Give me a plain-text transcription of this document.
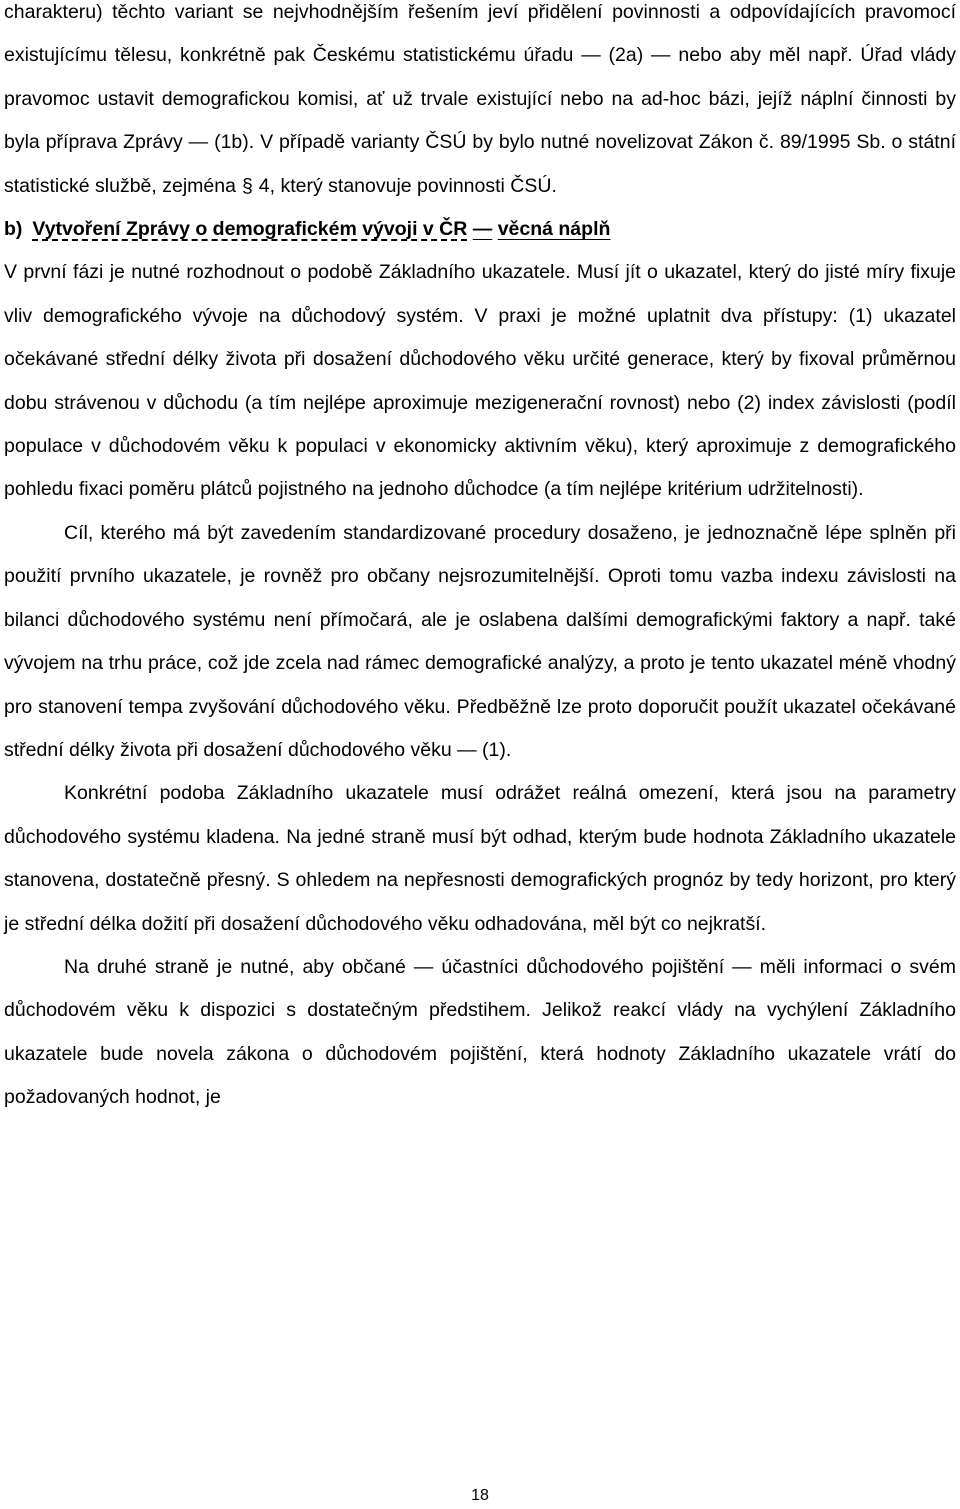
charakteru) těchto variant se nejvhodnějším řešením jeví přidělení povinnosti a odpovídajících pravomocí existujícímu tělesu, konkrétně pak Českému statistickému úřadu — (2a) — nebo aby měl např. Úřad vlády pravomoc ustavit demografickou komisi, ať už trvale existující nebo na ad-hoc bázi, jejíž náplní činnosti by byla příprava Zprávy — (1b). V případě varianty ČSÚ by bylo nutné novelizovat Zákon č. 89/1995 Sb. o státní statistické službě, zejména § 4, který stanovuje povinnosti ČSÚ.

b) Vytvoření Zprávy o demografickém vývoji v ČR — věcná náplň

V první fázi je nutné rozhodnout o podobě Základního ukazatele. Musí jít o ukazatel, který do jisté míry fixuje vliv demografického vývoje na důchodový systém. V praxi je možné uplatnit dva přístupy: (1) ukazatel očekávané střední délky života při dosažení důchodového věku určité generace, který by fixoval průměrnou dobu strávenou v důchodu (a tím nejlépe aproximuje mezigenerační rovnost) nebo (2) index závislosti (podíl populace v důchodovém věku k populaci v ekonomicky aktivním věku), který aproximuje z demografického pohledu fixaci poměru plátců pojistného na jednoho důchodce (a tím nejlépe kritérium udržitelnosti).

Cíl, kterého má být zavedením standardizované procedury dosaženo, je jednoznačně lépe splněn při použití prvního ukazatele, je rovněž pro občany nejsrozumitelnější. Oproti tomu vazba indexu závislosti na bilanci důchodového systému není přímočará, ale je oslabena dalšími demografickými faktory a např. také vývojem na trhu práce, což jde zcela nad rámec demografické analýzy, a proto je tento ukazatel méně vhodný pro stanovení tempa zvyšování důchodového věku. Předběžně lze proto doporučit použít ukazatel očekávané střední délky života při dosažení důchodového věku — (1).

Konkrétní podoba Základního ukazatele musí odrážet reálná omezení, která jsou na parametry důchodového systému kladena. Na jedné straně musí být odhad, kterým bude hodnota Základního ukazatele stanovena, dostatečně přesný. S ohledem na nepřesnosti demografických prognóz by tedy horizont, pro který je střední délka dožití při dosažení důchodového věku odhadována, měl být co nejkratší.

Na druhé straně je nutné, aby občané — účastníci důchodového pojištění — měli informaci o svém důchodovém věku k dispozici s dostatečným předstihem. Jelikož reakcí vlády na vychýlení Základního ukazatele bude novela zákona o důchodovém pojištění, která hodnoty Základního ukazatele vrátí do požadovaných hodnot, je

18
